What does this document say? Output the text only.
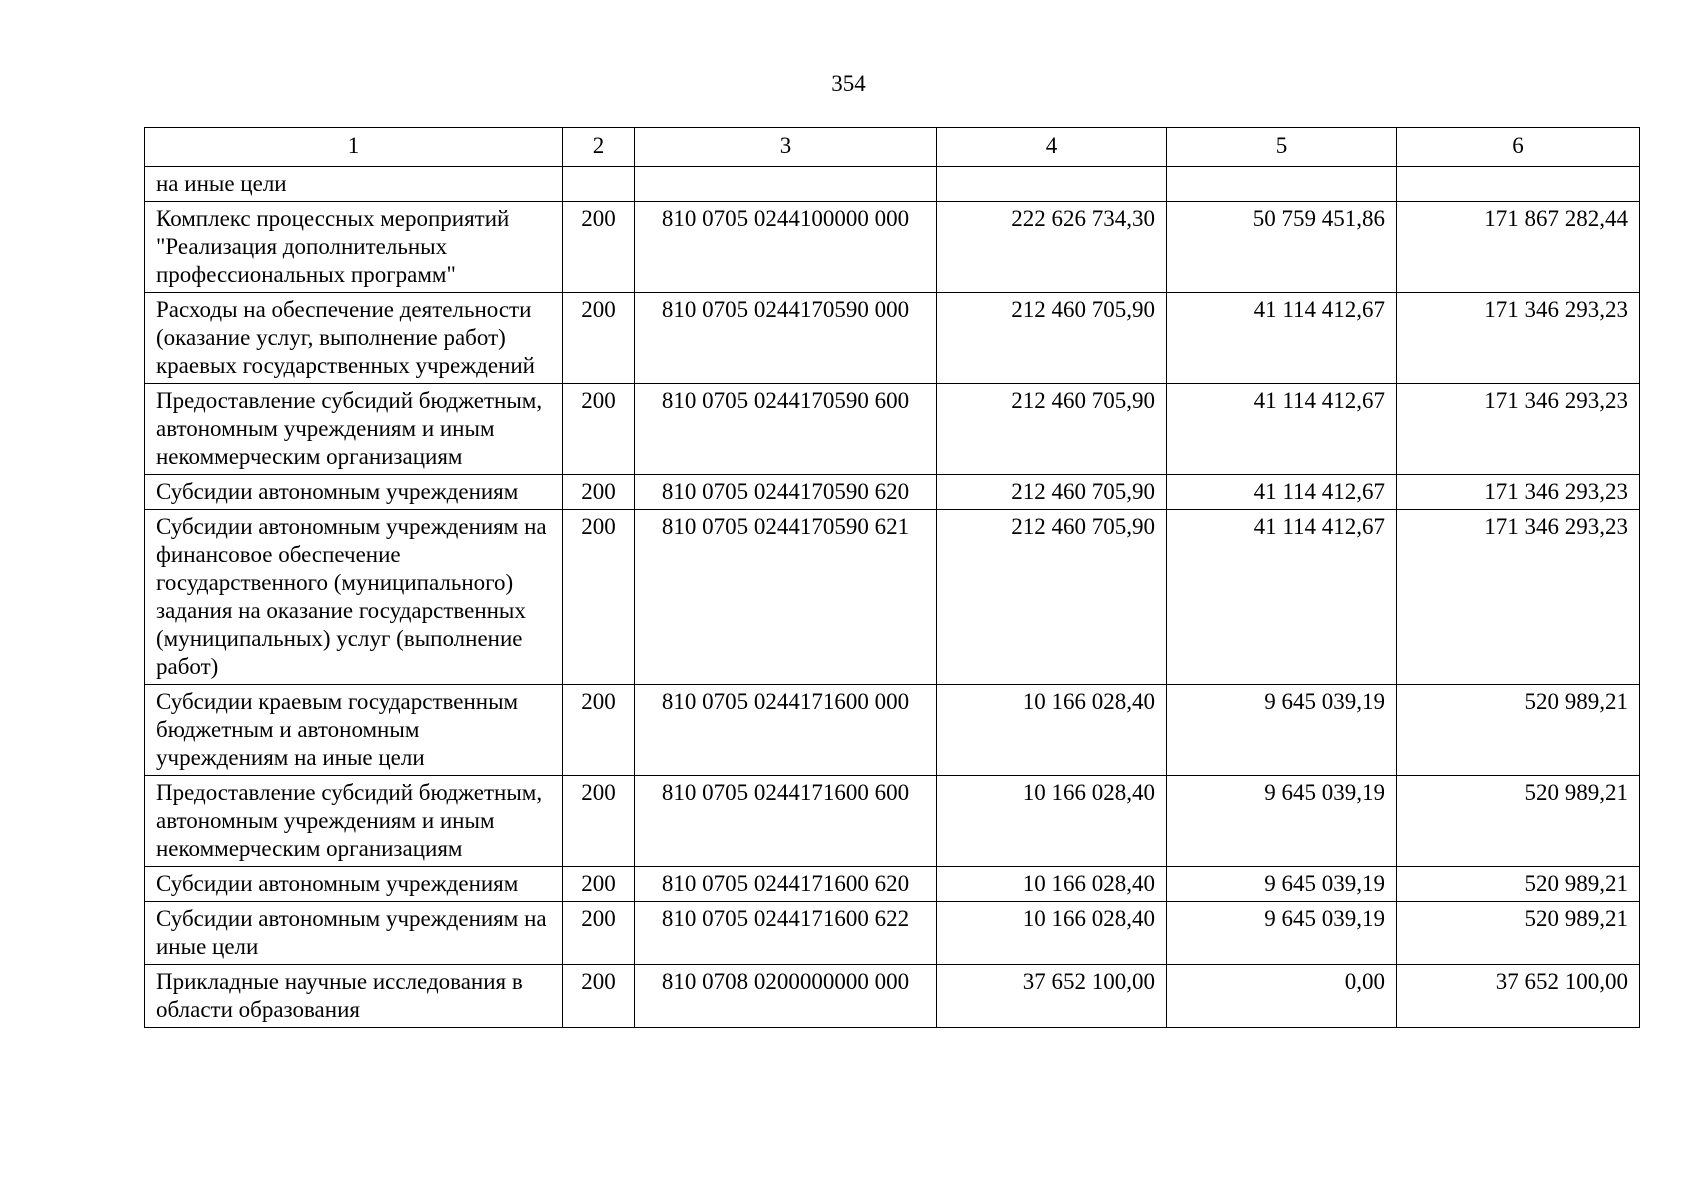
354
1	2	3	4	5	6
на иные цели					
Комплекс процессных мероприятий "Реализация дополнительных профессиональных программ"	200	810 0705 0244100000 000	222 626 734,30	50 759 451,86	171 867 282,44
Расходы на обеспечение деятельности (оказание услуг, выполнение работ) краевых государственных учреждений	200	810 0705 0244170590 000	212 460 705,90	41 114 412,67	171 346 293,23
Предоставление субсидий бюджетным, автономным учреждениям и иным некоммерческим организациям	200	810 0705 0244170590 600	212 460 705,90	41 114 412,67	171 346 293,23
Субсидии автономным учреждениям	200	810 0705 0244170590 620	212 460 705,90	41 114 412,67	171 346 293,23
Субсидии автономным учреждениям на финансовое обеспечение государственного (муниципального) задания на оказание государственных (муниципальных) услуг (выполнение работ)	200	810 0705 0244170590 621	212 460 705,90	41 114 412,67	171 346 293,23
Субсидии краевым государственным бюджетным и автономным учреждениям на иные цели	200	810 0705 0244171600 000	10 166 028,40	9 645 039,19	520 989,21
Предоставление субсидий бюджетным, автономным учреждениям и иным некоммерческим организациям	200	810 0705 0244171600 600	10 166 028,40	9 645 039,19	520 989,21
Субсидии автономным учреждениям	200	810 0705 0244171600 620	10 166 028,40	9 645 039,19	520 989,21
Субсидии автономным учреждениям на иные цели	200	810 0705 0244171600 622	10 166 028,40	9 645 039,19	520 989,21
Прикладные научные исследования в области образования	200	810 0708 0200000000 000	37 652 100,00	0,00	37 652 100,00
